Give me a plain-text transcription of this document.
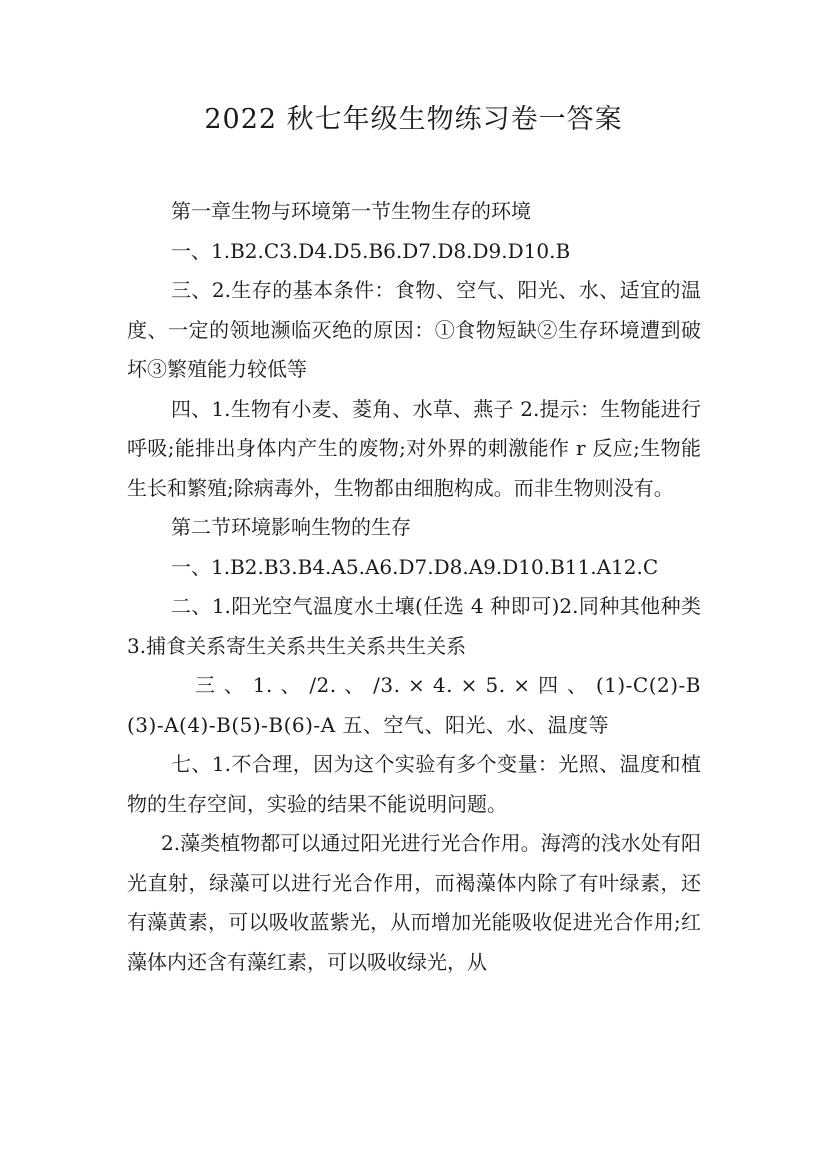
2022 秋七年级生物练习卷一答案

第一章生物与环境第一节生物生存的环境

一、1.B2.C3.D4.D5.B6.D7.D8.D9.D10.B

三、2.生存的基本条件：食物、空气、阳光、水、适宜的温度、一定的领地濒临灭绝的原因：①食物短缺②生存环境遭到破坏③繁殖能力较低等

四、1.生物有小麦、菱角、水草、燕子 2.提示：生物能进行呼吸;能排出身体内产生的废物;对外界的刺激能作 r 反应;生物能生长和繁殖;除病毒外，生物都由细胞构成。而非生物则没有。

第二节环境影响生物的生存

一、1.B2.B3.B4.A5.A6.D7.D8.A9.D10.B11.A12.C

二、1.阳光空气温度水土壤(任选 4 种即可)2.同种其他种类 3.捕食关系寄生关系共生关系共生关系

三 、 1. 、 /2. 、 /3. × 4. × 5. × 四 、 (1)-C(2)-B(3)-A(4)-B(5)-B(6)-A 五、空气、阳光、水、温度等

七、1.不合理，因为这个实验有多个变量：光照、温度和植物的生存空间，实验的结果不能说明问题。

2.藻类植物都可以通过阳光进行光合作用。海湾的浅水处有阳光直射，绿藻可以进行光合作用，而褐藻体内除了有叶绿素，还有藻黄素，可以吸收蓝紫光，从而增加光能吸收促进光合作用;红藻体内还含有藻红素，可以吸收绿光，从
